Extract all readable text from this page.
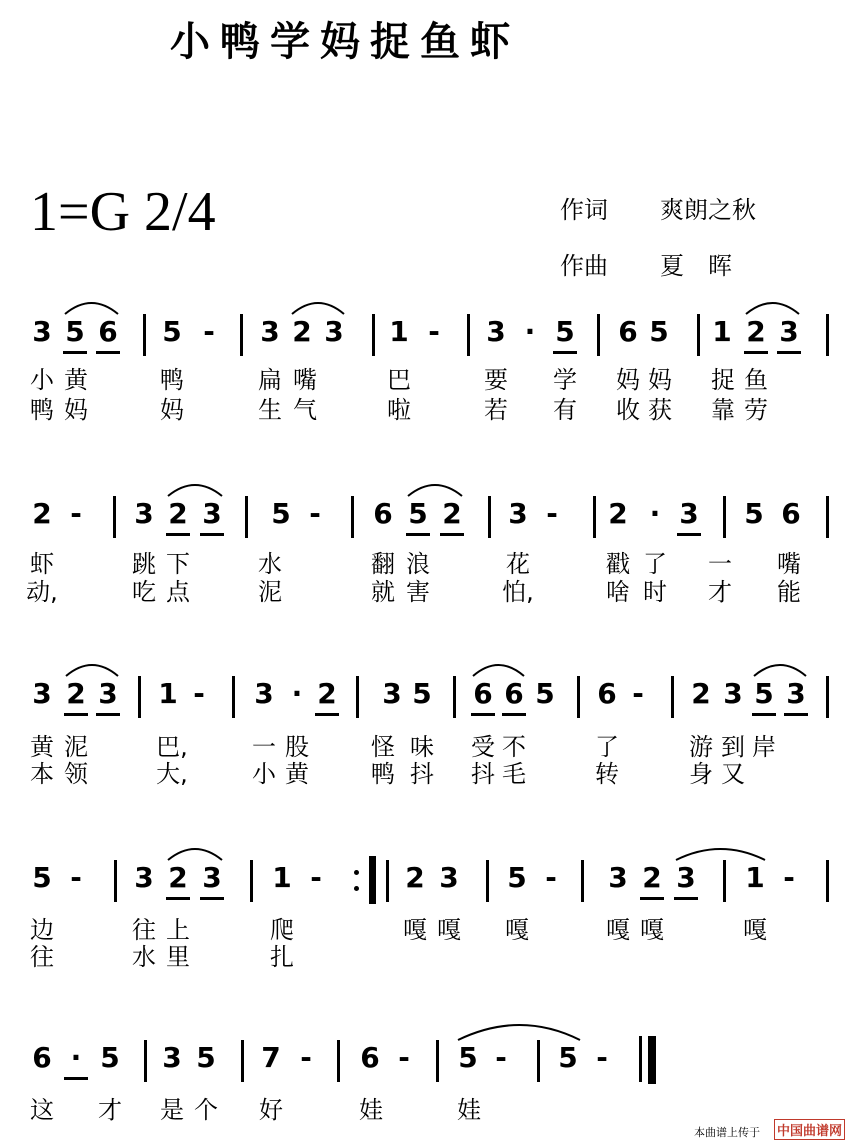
小鸭学妈捉鱼虾
1=G 2/4	作词 爽朗之秋
作曲 夏　晖
3 5 6 5 - 3 2 3 1 - 3 · 5 6 5 1 2 3
小 黄	鸭	扁 嘴	巴	要 学 妈 妈 捉 鱼
鸭 妈	妈	生 气	啦	若 有 收 获 靠 劳
2 - 3 2 3 5 - 6 5 2 3 - 2 · 3 5 6
虾	跳 下	水	翻 浪	花	戳 了 一 嘴
动,	吃 点	泥	就 害	怕,	啥 时 才 能
3 2 3 1 - 3 · 2 3 5 6 6 5 6 - 2 3 5 3
黄 泥	巴,	一 股	怪 味 受 不	了	游 到 岸
本 领	大,	小 黄	鸭 抖 抖 毛	转	身 又
5 - 3 2 3 1 -	2 3 5 - 3 2 3 1 -
边	往 上	爬	嘎 嘎 嘎	嘎 嘎	嘎
往	水 里	扎
6 · 5 3 5 7 - 6 - 5 - 5 -
这 才 是 个 好	娃	娃
本曲谱上传于 中国曲谱网
